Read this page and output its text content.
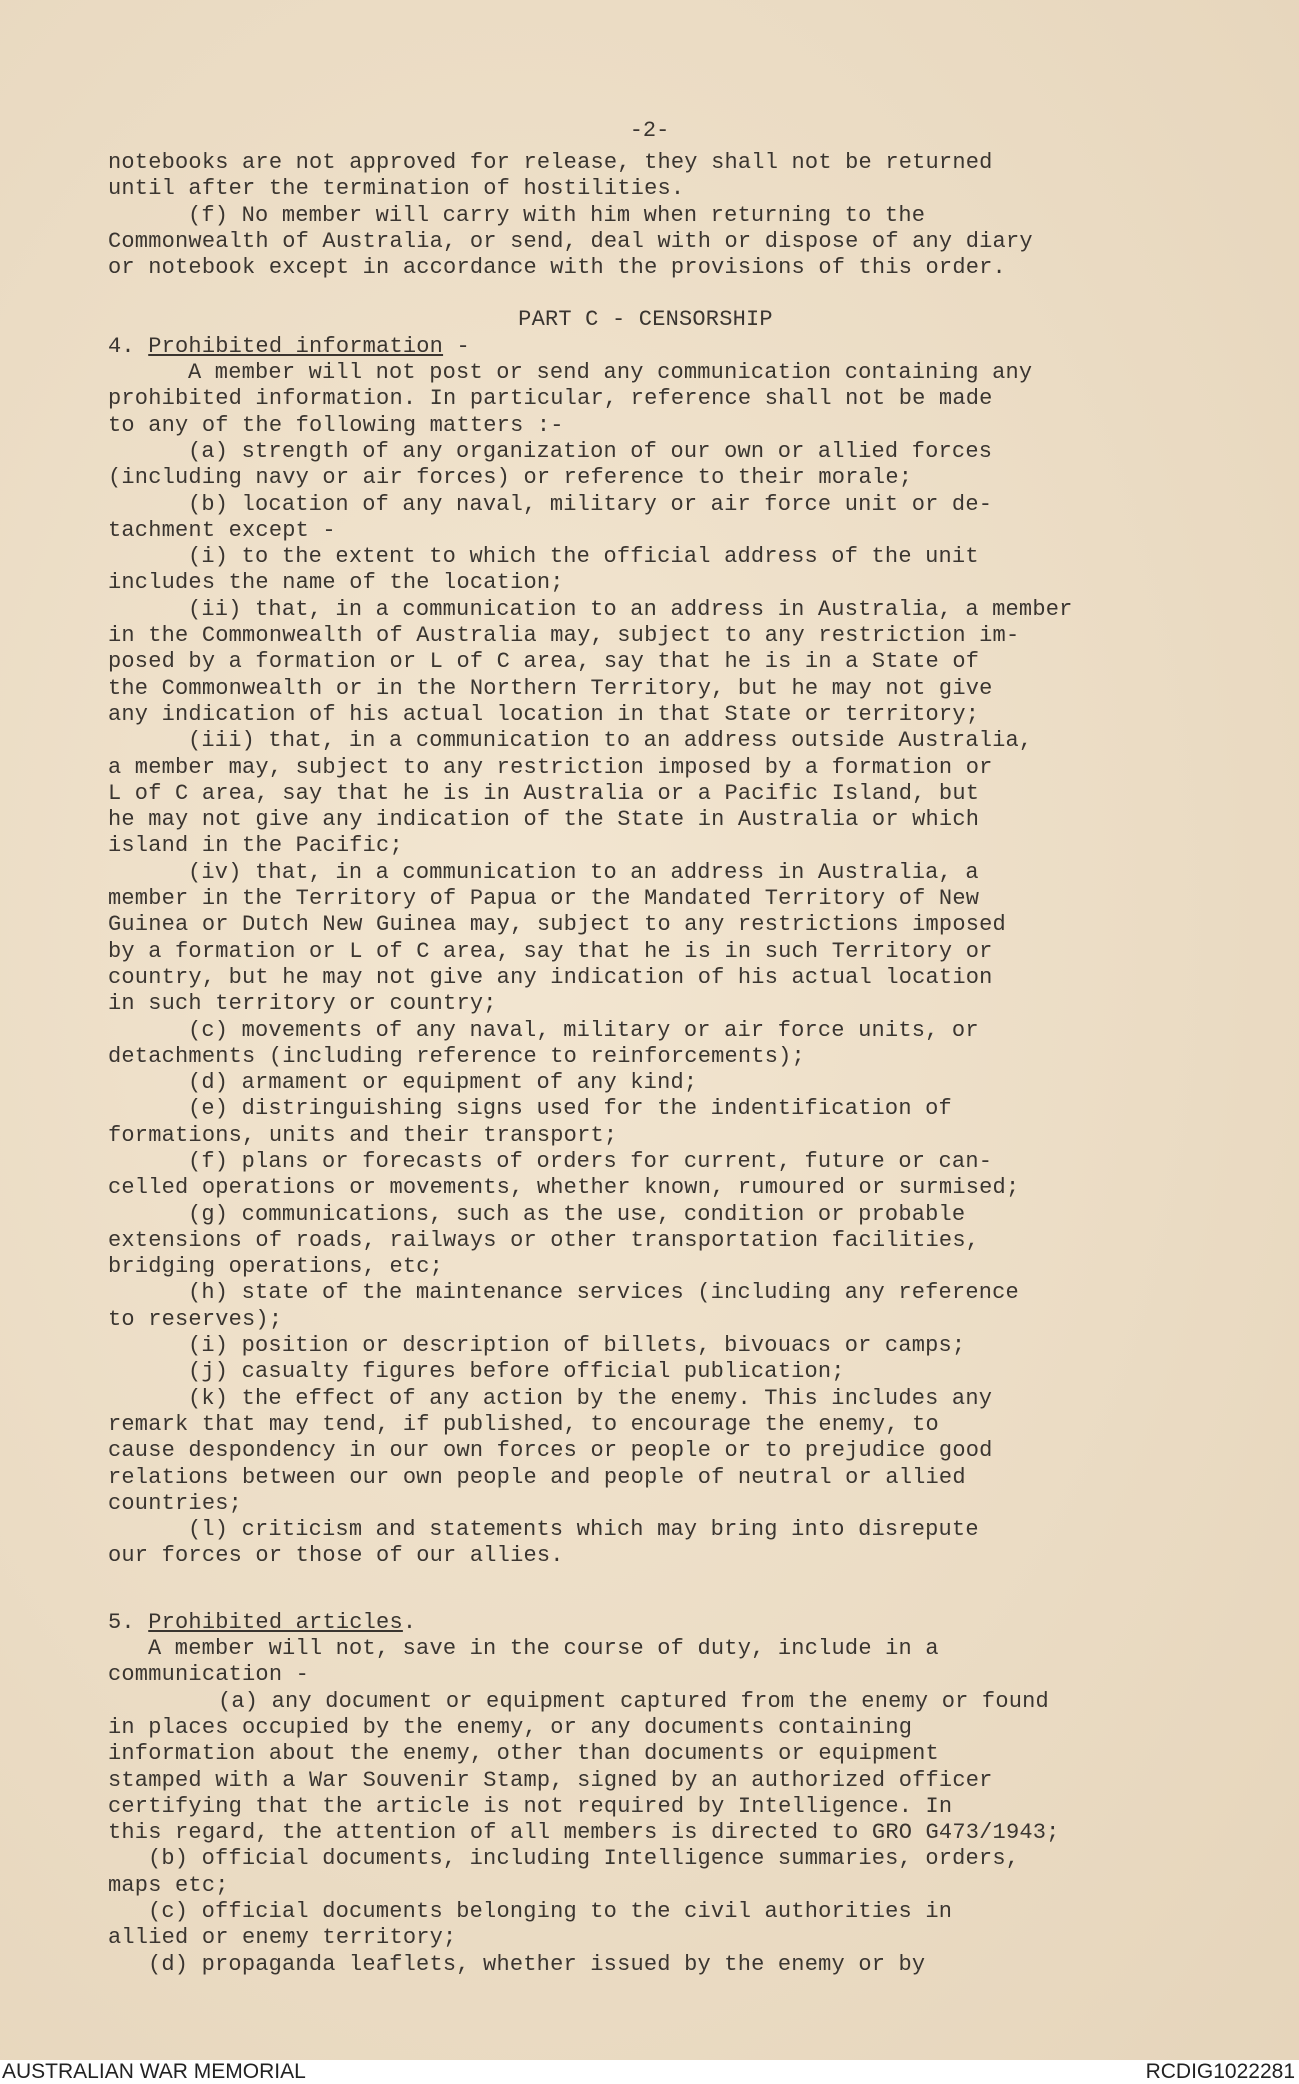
-2-
notebooks are not approved for release, they shall not be returned
until after the termination of hostilities.
(f) No member will carry with him when returning to the
Commonwealth of Australia, or send, deal with or dispose of any diary
or notebook except in accordance with the provisions of this order.
PART C - CENSORSHIP
4. Prohibited information -
A member will not post or send any communication containing any
prohibited information. In particular, reference shall not be made
to any of the following matters :-
(a) strength of any organization of our own or allied forces
(including navy or air forces) or reference to their morale;
(b) location of any naval, military or air force unit or de-
tachment except -
(i) to the extent to which the official address of the unit
includes the name of the location;
(ii) that, in a communication to an address in Australia, a member
in the Commonwealth of Australia may, subject to any restriction im-
posed by a formation or L of C area, say that he is in a State of
the Commonwealth or in the Northern Territory, but he may not give
any indication of his actual location in that State or territory;
(iii) that, in a communication to an address outside Australia,
a member may, subject to any restriction imposed by a formation or
L of C area, say that he is in Australia or a Pacific Island, but
he may not give any indication of the State in Australia or which
island in the Pacific;
(iv) that, in a communication to an address in Australia, a
member in the Territory of Papua or the Mandated Territory of New
Guinea or Dutch New Guinea may, subject to any restrictions imposed
by a formation or L of C area, say that he is in such Territory or
country, but he may not give any indication of his actual location
in such territory or country;
(c) movements of any naval, military or air force units, or
detachments (including reference to reinforcements);
(d) armament or equipment of any kind;
(e) distringuishing signs used for the indentification of
formations, units and their transport;
(f) plans or forecasts of orders for current, future or can-
celled operations or movements, whether known, rumoured or surmised;
(g) communications, such as the use, condition or probable
extensions of roads, railways or other transportation facilities,
bridging operations, etc;
(h) state of the maintenance services (including any reference
to reserves);
(i) position or description of billets, bivouacs or camps;
(j) casualty figures before official publication;
(k) the effect of any action by the enemy. This includes any
remark that may tend, if published, to encourage the enemy, to
cause despondency in our own forces or people or to prejudice good
relations between our own people and people of neutral or allied
countries;
(l) criticism and statements which may bring into disrepute
our forces or those of our allies.
5. Prohibited articles.
A member will not, save in the course of duty, include in a
communication -
(a) any document or equipment captured from the enemy or found
in places occupied by the enemy, or any documents containing
information about the enemy, other than documents or equipment
stamped with a War Souvenir Stamp, signed by an authorized officer
certifying that the article is not required by Intelligence. In
this regard, the attention of all members is directed to GRO G473/1943;
(b) official documents, including Intelligence summaries, orders,
maps etc;
(c) official documents belonging to the civil authorities in
allied or enemy territory;
(d) propaganda leaflets, whether issued by the enemy or by
AUSTRALIAN WAR MEMORIAL	RCDIG1022281
